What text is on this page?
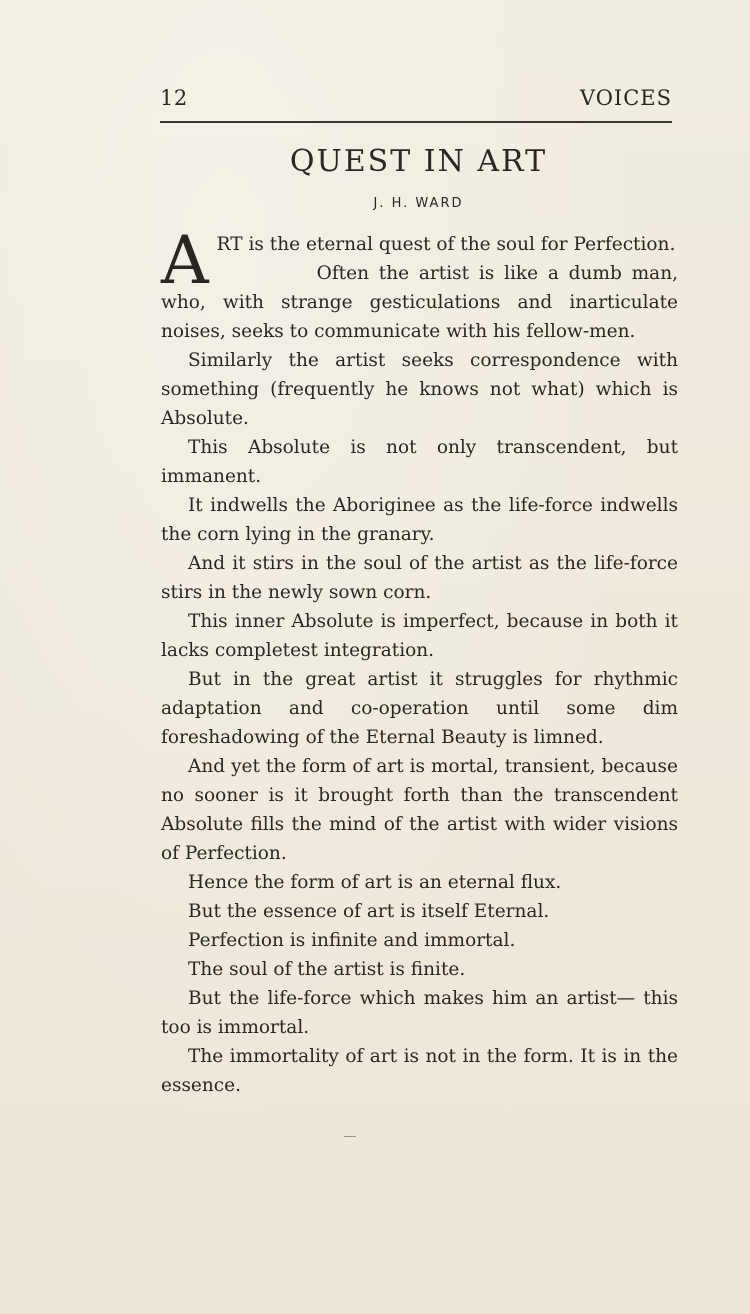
12	VOICES
QUEST IN ART
J. H. WARD

ART is the eternal quest of the soul for Perfection.

Often the artist is like a dumb man, who, with strange gesticulations and inarticulate noises, seeks to communicate with his fellow-men.

Similarly the artist seeks correspondence with something (frequently he knows not what) which is Absolute.

This Absolute is not only transcendent, but immanent.

It indwells the Aboriginee as the life-force indwells the corn lying in the granary.

And it stirs in the soul of the artist as the life-force stirs in the newly sown corn.

This inner Absolute is imperfect, because in both it lacks completest integration.

But in the great artist it struggles for rhythmic adaptation and co-operation until some dim foreshadowing of the Eternal Beauty is limned.

And yet the form of art is mortal, transient, because no sooner is it brought forth than the transcendent Absolute fills the mind of the artist with wider visions of Perfection.

Hence the form of art is an eternal flux.

But the essence of art is itself Eternal.

Perfection is infinite and immortal.

The soul of the artist is finite.

But the life-force which makes him an artist— this too is immortal.

The immortality of art is not in the form. It is in the essence.
